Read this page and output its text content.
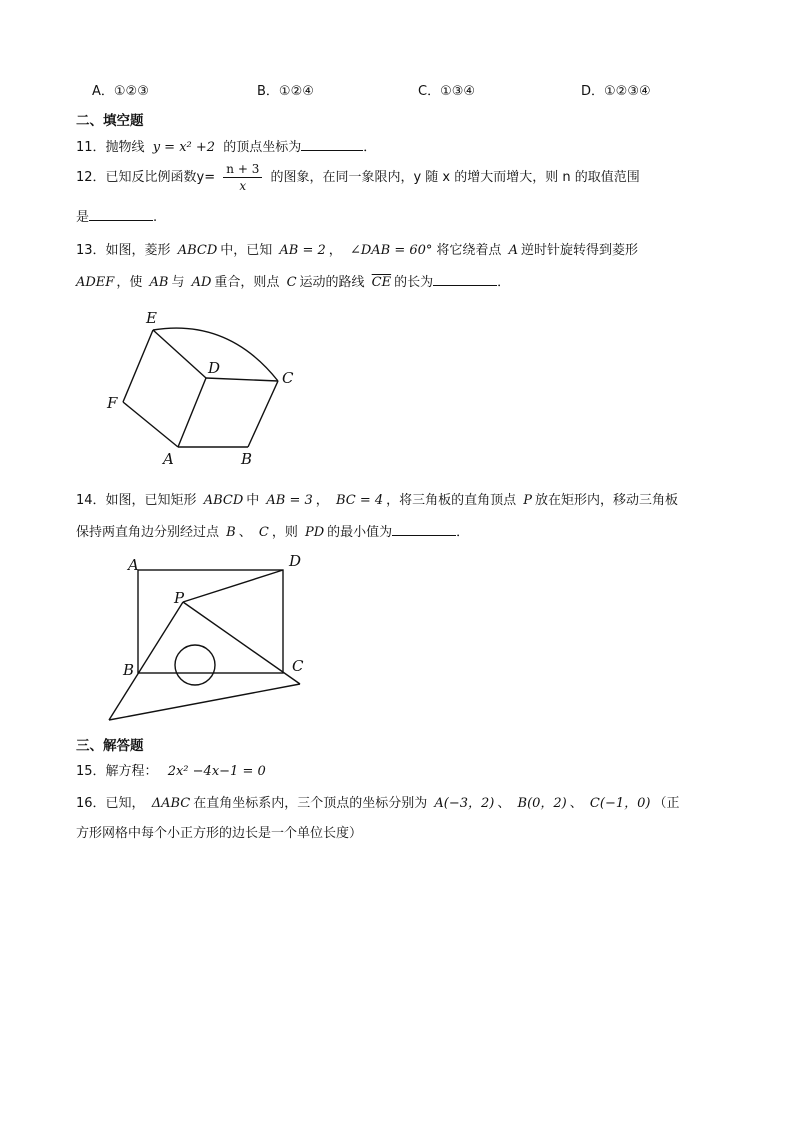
A．①②③	B．①②④	C．①③④	D．①②③④
二、填空题
11．抛物线 y = x² +2 的顶点坐标为	．
12．已知反比例函数$y= \frac{n + 3}{x}$ 的图象，在同一象限内，y 随 x 的增大而增大，则 n 的取值范围
是	.
13．如图，菱形 ABCD 中，已知 AB = 2 ， ∠DAB = 60° 将它绕着点 A 逆时针旋转得到菱形
ADEF ，使 AB 与 AD 重合，则点 C 运动的路线 $\overline{CE}$ 的长为	．
E
D
C
F
A	B
14．如图，已知矩形 ABCD 中 AB = 3 ， BC = 4 ，将三角板的直角顶点 P 放在矩形内，移动三角板
保持两直角边分别经过点 B 、 C ，则 PD 的最小值为	．
A	D
P
B	C
三、解答题
15．解方程： 2x² −4x−1 = 0
16．已知， ΔABC 在直角坐标系内，三个顶点的坐标分别为 A(−3，2) 、 B(0，2) 、 C(−1，0) （正
方形网格中每个小正方形的边长是一个单位长度）
